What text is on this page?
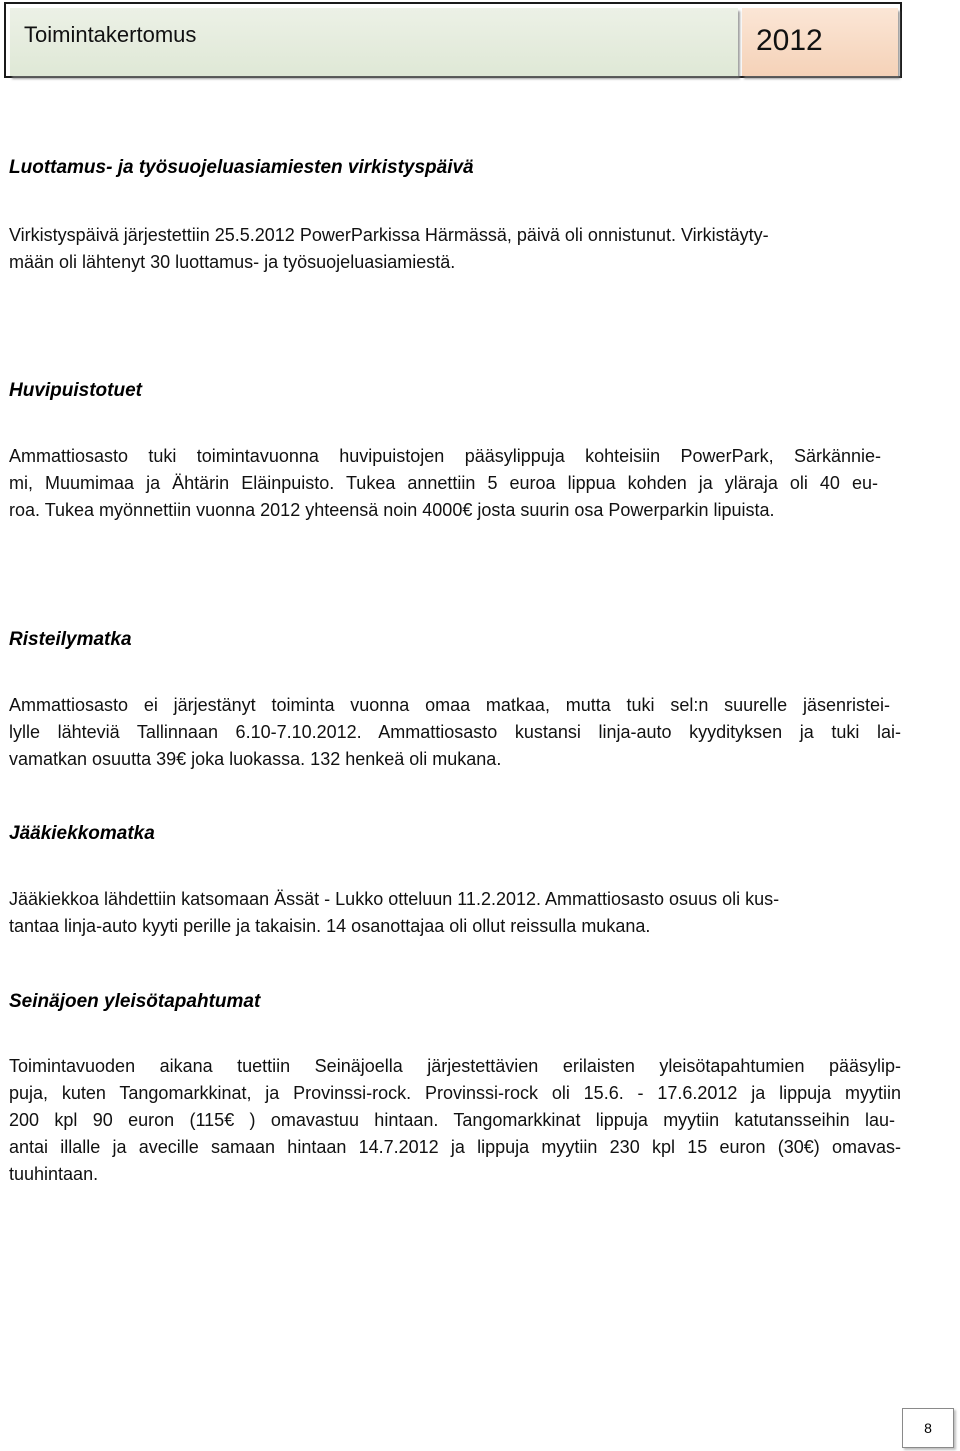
Toimintakertomus	2012
Luottamus- ja työsuojeluasiamiesten virkistyspäivä
Virkistyspäivä järjestettiin 25.5.2012 PowerParkissa Härmässä, päivä oli onnistunut. Virkistäyty-
mään oli lähtenyt 30 luottamus- ja työsuojeluasiamiestä.
Huvipuistotuet
Ammattiosasto tuki toimintavuonna huvipuistojen pääsylippuja kohteisiin PowerPark, Särkännie-
mi, Muumimaa ja Ähtärin Eläinpuisto. Tukea annettiin 5 euroa lippua kohden ja yläraja oli 40 eu-
roa. Tukea myönnettiin vuonna 2012 yhteensä noin 4000€ josta suurin osa Powerparkin lipuista.
Risteilymatka
Ammattiosasto ei järjestänyt toiminta vuonna omaa matkaa, mutta tuki sel:n suurelle jäsenristei-
lylle lähteviä Tallinnaan 6.10-7.10.2012. Ammattiosasto kustansi linja-auto kyydityksen ja tuki lai-
vamatkan osuutta 39€ joka luokassa. 132 henkeä oli mukana.
Jääkiekkomatka
Jääkiekkoa lähdettiin katsomaan Ässät - Lukko otteluun 11.2.2012. Ammattiosasto osuus oli kus-
tantaa linja-auto kyyti perille ja takaisin. 14 osanottajaa oli ollut reissulla mukana.
Seinäjoen yleisötapahtumat
Toimintavuoden aikana tuettiin Seinäjoella järjestettävien erilaisten yleisötapahtumien pääsylip-
puja, kuten Tangomarkkinat, ja Provinssi-rock. Provinssi-rock oli 15.6. - 17.6.2012 ja lippuja myytiin
200 kpl 90 euron (115€ ) omavastuu hintaan. Tangomarkkinat lippuja myytiin katutansseihin lau-
antai illalle ja avecille samaan hintaan 14.7.2012 ja lippuja myytiin 230 kpl 15 euron (30€) omavas-
tuuhintaan.
8
